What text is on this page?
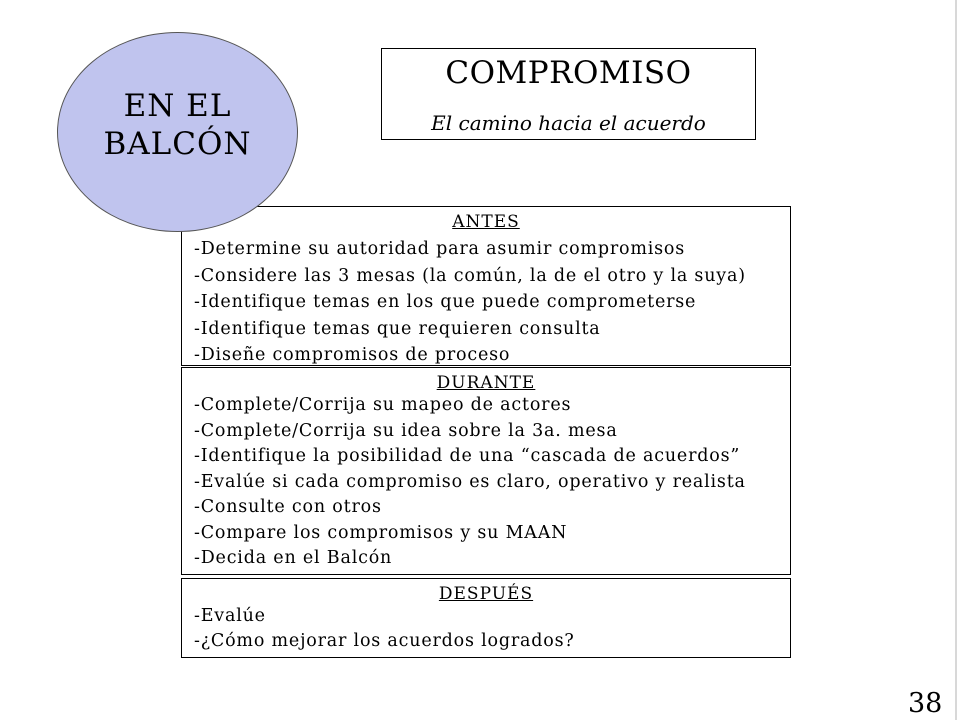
COMPROMISO
El camino hacia el acuerdo
EN EL
BALCÓN
ANTES
-Determine su autoridad para asumir compromisos
-Considere las 3 mesas (la común, la de el otro y la suya)
-Identifique temas en los que puede comprometerse
-Identifique temas que requieren consulta
-Diseñe compromisos de proceso
DURANTE
-Complete/Corrija su mapeo de actores
-Complete/Corrija su idea sobre la 3a. mesa
-Identifique la posibilidad de una “cascada de acuerdos”
-Evalúe si cada compromiso es claro, operativo y realista
-Consulte con otros
-Compare los compromisos y su MAAN
-Decida en el Balcón
DESPUÉS
-Evalúe
-¿Cómo mejorar los acuerdos logrados?
38
